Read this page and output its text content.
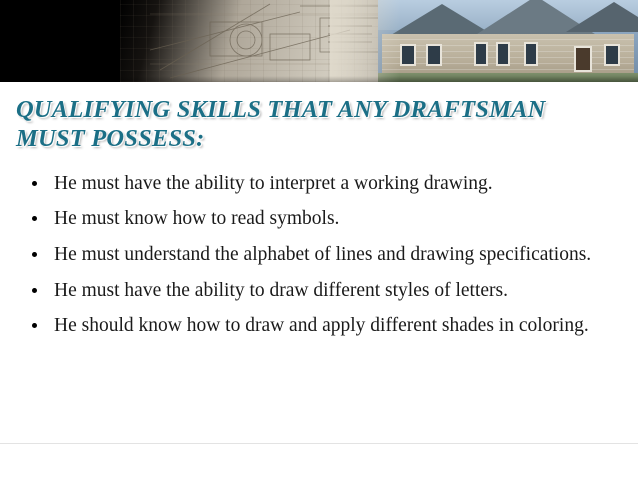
QUALIFYING SKILLS THAT ANY DRAFTSMAN
MUST POSSESS:
He must have the ability to interpret a working drawing.
He must know how to read symbols.
He must understand the alphabet of lines and drawing specifications.
He must have the ability to draw different styles of letters.
He should know how to draw and apply different shades in coloring.
